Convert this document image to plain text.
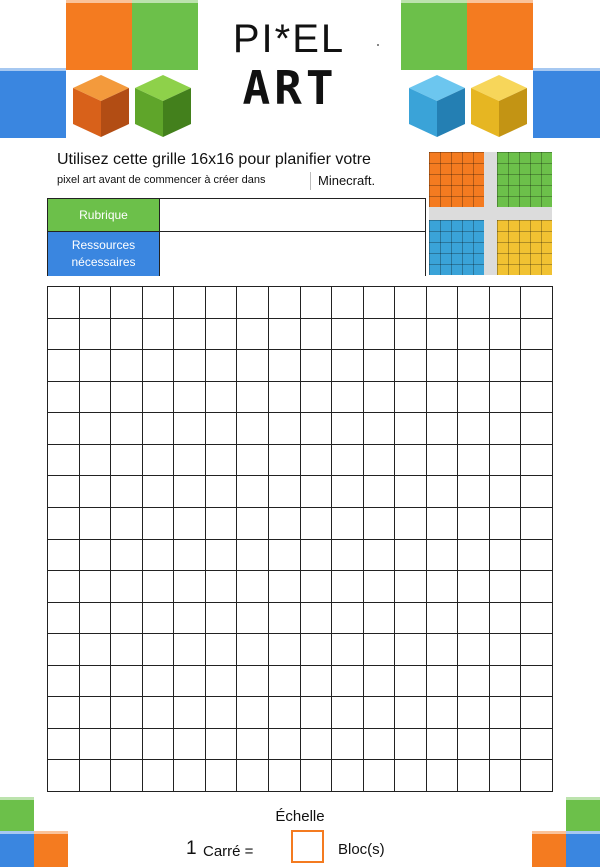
PI*EL
ART
Utilisez cette grille 16x16 pour planifier votre
pixel art avant de commencer à créer dans	Minecraft.
Rubrique
Ressources nécessaires
Échelle
1 Carré =	Bloc(s)
